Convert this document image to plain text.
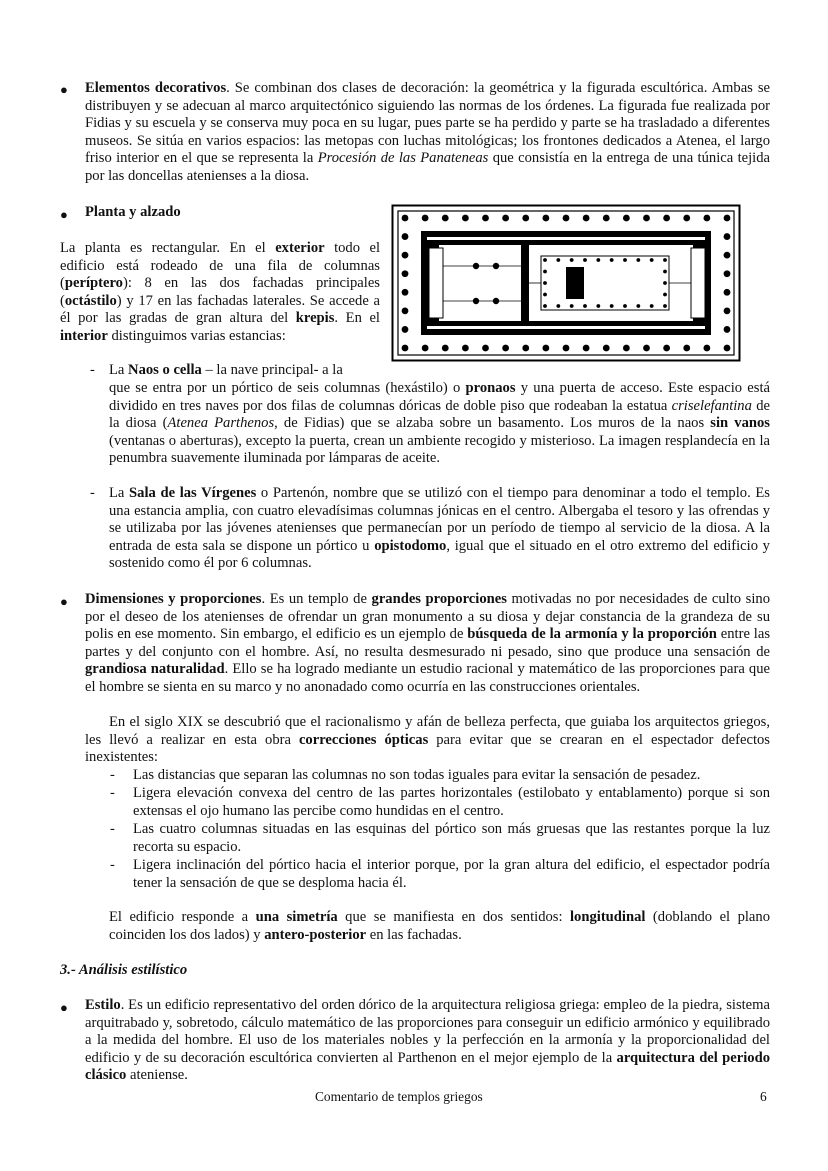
● Elementos decorativos. Se combinan dos clases de decoración: la geométrica y la figurada escultórica. Ambas se distribuyen y se adecuan al marco arquitectónico siguiendo las normas de los órdenes. La figurada fue realizada por Fidias y su escuela y se conserva muy poca en su lugar, pues parte se ha perdido y parte se ha trasladado a diferentes museos. Se sitúa en varios espacios: las metopas con luchas mitológicas; los frontones dedicados a Atenea, el largo friso interior en el que se representa la Procesión de las Panateneas que consistía en la entrega de una túnica tejida por las doncellas atenienses a la diosa.

● Planta y alzado

La planta es rectangular. En el exterior todo el edificio está rodeado de una fila de columnas (períptero): 8 en las dos fachadas principales (octástilo) y 17 en las fachadas laterales. Se accede a él por las gradas de gran altura del krepis. En el interior distinguimos varias estancias:

- La Naos o cella – la nave principal- a la

que se entra por un pórtico de seis columnas (hexástilo) o pronaos y una puerta de acceso. Este espacio está dividido en tres naves por dos filas de columnas dóricas de doble piso que rodeaban la estatua criselefantina de la diosa (Atenea Parthenos, de Fidias) que se alzaba sobre un basamento. Los muros de la naos sin vanos (ventanas o aberturas), excepto la puerta, crean un ambiente recogido y misterioso. La imagen resplandecía en la penumbra suavemente iluminada por lámparas de aceite.

- La Sala de las Vírgenes o Partenón, nombre que se utilizó con el tiempo para denominar a todo el templo. Es una estancia amplia, con cuatro elevadísimas columnas jónicas en el centro. Albergaba el tesoro y las ofrendas y se utilizaba por las jóvenes atenienses que permanecían por un período de tiempo al servicio de la diosa. A la entrada de esta sala se dispone un pórtico u opistodomo, igual que el situado en el otro extremo del edificio y sostenido como él por 6 columnas.

● Dimensiones y proporciones. Es un templo de grandes proporciones motivadas no por necesidades de culto sino por el deseo de los atenienses de ofrendar un gran monumento a su diosa y dejar constancia de la grandeza de su polis en ese momento. Sin embargo, el edificio es un ejemplo de búsqueda de la armonía y la proporción entre las partes y del conjunto con el hombre. Así, no resulta desmesurado ni pesado, sino que produce una sensación de grandiosa naturalidad. Ello se ha logrado mediante un estudio racional y matemático de las proporciones para que el hombre se sienta en su marco y no anonadado como ocurría en las construcciones orientales.

En el siglo XIX se descubrió que el racionalismo y afán de belleza perfecta, que guiaba los arquitectos griegos, les llevó a realizar en esta obra correcciones ópticas para evitar que se crearan en el espectador defectos inexistentes:

- Las distancias que separan las columnas no son todas iguales para evitar la sensación de pesadez.

- Ligera elevación convexa del centro de las partes horizontales (estilobato y entablamento) porque si son extensas el ojo humano las percibe como hundidas en el centro.

- Las cuatro columnas situadas en las esquinas del pórtico son más gruesas que las restantes porque la luz recorta su espacio.

- Ligera inclinación del pórtico hacia el interior porque, por la gran altura del edificio, el espectador podría tener la sensación de que se desploma hacia él.

El edificio responde a una simetría que se manifiesta en dos sentidos: longitudinal (doblando el plano coinciden los dos lados) y antero-posterior en las fachadas.

3.- Análisis estilístico
● Estilo. Es un edificio representativo del orden dórico de la arquitectura religiosa griega: empleo de la piedra, sistema arquitrabado y, sobretodo, cálculo matemático de las proporciones para conseguir un edificio armónico y equilibrado a la medida del hombre. El uso de los materiales nobles y la perfección en la armonía y la proporcionalidad del edificio y de su decoración escultórica convierten al Parthenon en el mejor ejemplo de la arquitectura del periodo clásico ateniense.

Comentario de templos griegos	6
